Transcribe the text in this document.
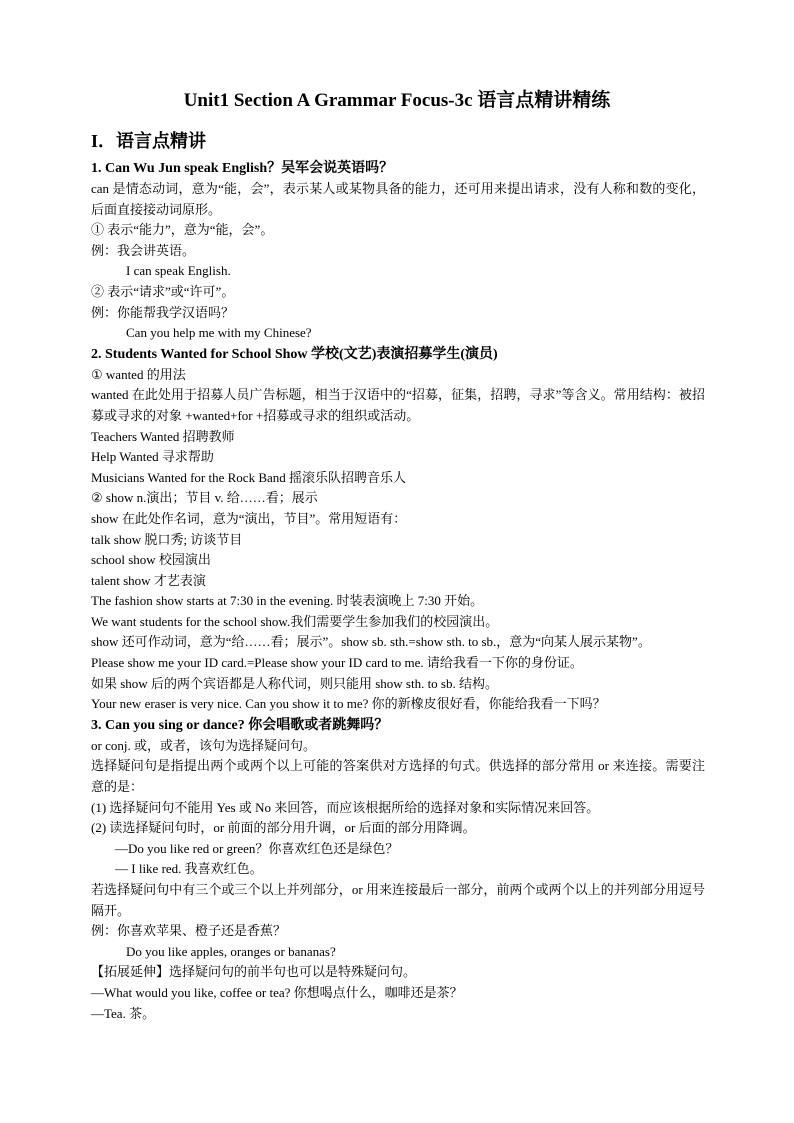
Unit1 Section A Grammar Focus-3c 语言点精讲精练
I．语言点精讲
1. Can Wu Jun speak English？吴军会说英语吗？
can 是情态动词，意为“能，会”，表示某人或某物具备的能力，还可用来提出请求，没有人称和数的变化，后面直接接动词原形。
① 表示“能力”，意为“能，会”。
例：我会讲英语。
I can speak English.
② 表示“请求”或“许可”。
例：你能帮我学汉语吗？
Can you help me with my Chinese?
2. Students Wanted for School Show 学校(文艺)表演招募学生(演员)
① wanted 的用法
wanted 在此处用于招募人员广告标题，相当于汉语中的“招募，征集，招聘，寻求”等含义。常用结构：被招募或寻求的对象 +wanted+for +招募或寻求的组织或活动。
Teachers Wanted 招聘教师
Help Wanted 寻求帮助
Musicians Wanted for the Rock Band 摇滚乐队招聘音乐人
② show n.演出；节目 v. 给……看；展示
show 在此处作名词，意为“演出，节目”。常用短语有：
talk show 脱口秀; 访谈节目
school show 校园演出
talent show 才艺表演
The fashion show starts at 7:30 in the evening. 时装表演晚上 7:30 开始。
We want students for the school show.我们需要学生参加我们的校园演出。
show 还可作动词，意为“给……看；展示”。show sb. sth.=show sth. to sb.，意为“向某人展示某物”。
Please show me your ID card.=Please show your ID card to me. 请给我看一下你的身份证。
如果 show 后的两个宾语都是人称代词，则只能用 show sth. to sb. 结构。
Your new eraser is very nice. Can you show it to me? 你的新橡皮很好看，你能给我看一下吗？
3. Can you sing or dance? 你会唱歌或者跳舞吗？
or conj. 或，或者，该句为选择疑问句。
选择疑问句是指提出两个或两个以上可能的答案供对方选择的句式。供选择的部分常用 or 来连接。需要注意的是：
(1) 选择疑问句不能用 Yes 或 No 来回答，而应该根据所给的选择对象和实际情况来回答。
(2) 读选择疑问句时，or 前面的部分用升调，or 后面的部分用降调。
—Do you like red or green？你喜欢红色还是绿色？
— I like red. 我喜欢红色。
若选择疑问句中有三个或三个以上并列部分，or 用来连接最后一部分，前两个或两个以上的并列部分用逗号隔开。
例：你喜欢苹果、橙子还是香蕉？
Do you like apples, oranges or bananas?
【拓展延伸】选择疑问句的前半句也可以是特殊疑问句。
—What would you like, coffee or tea? 你想喝点什么，咖啡还是茶？
—Tea. 茶。
